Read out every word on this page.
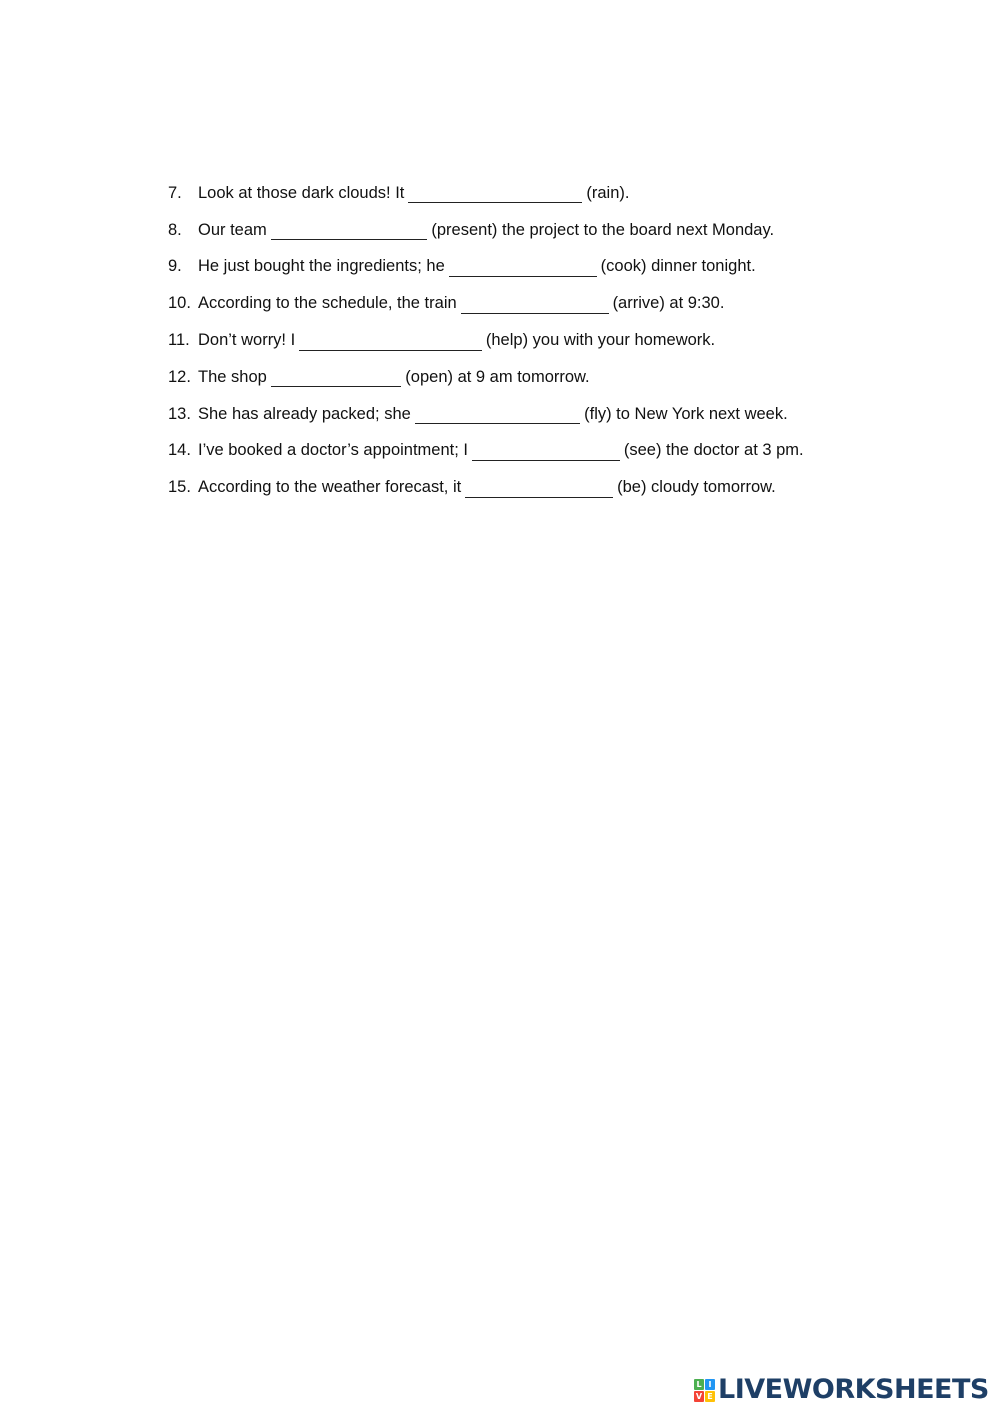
7. Look at those dark clouds! It	(rain).
8. Our team	(present) the project to the board next Monday.
9. He just bought the ingredients; he	(cook) dinner tonight.
10. According to the schedule, the train	(arrive) at 9:30.
11. Don’t worry! I	(help) you with your homework.
12. The shop	(open) at 9 am tomorrow.
13. She has already packed; she	(fly) to New York next week.
14. I’ve booked a doctor’s appointment; I	(see) the doctor at 3 pm.
15. According to the weather forecast, it	(be) cloudy tomorrow.
L I
V E LIVEWORKSHEETS
